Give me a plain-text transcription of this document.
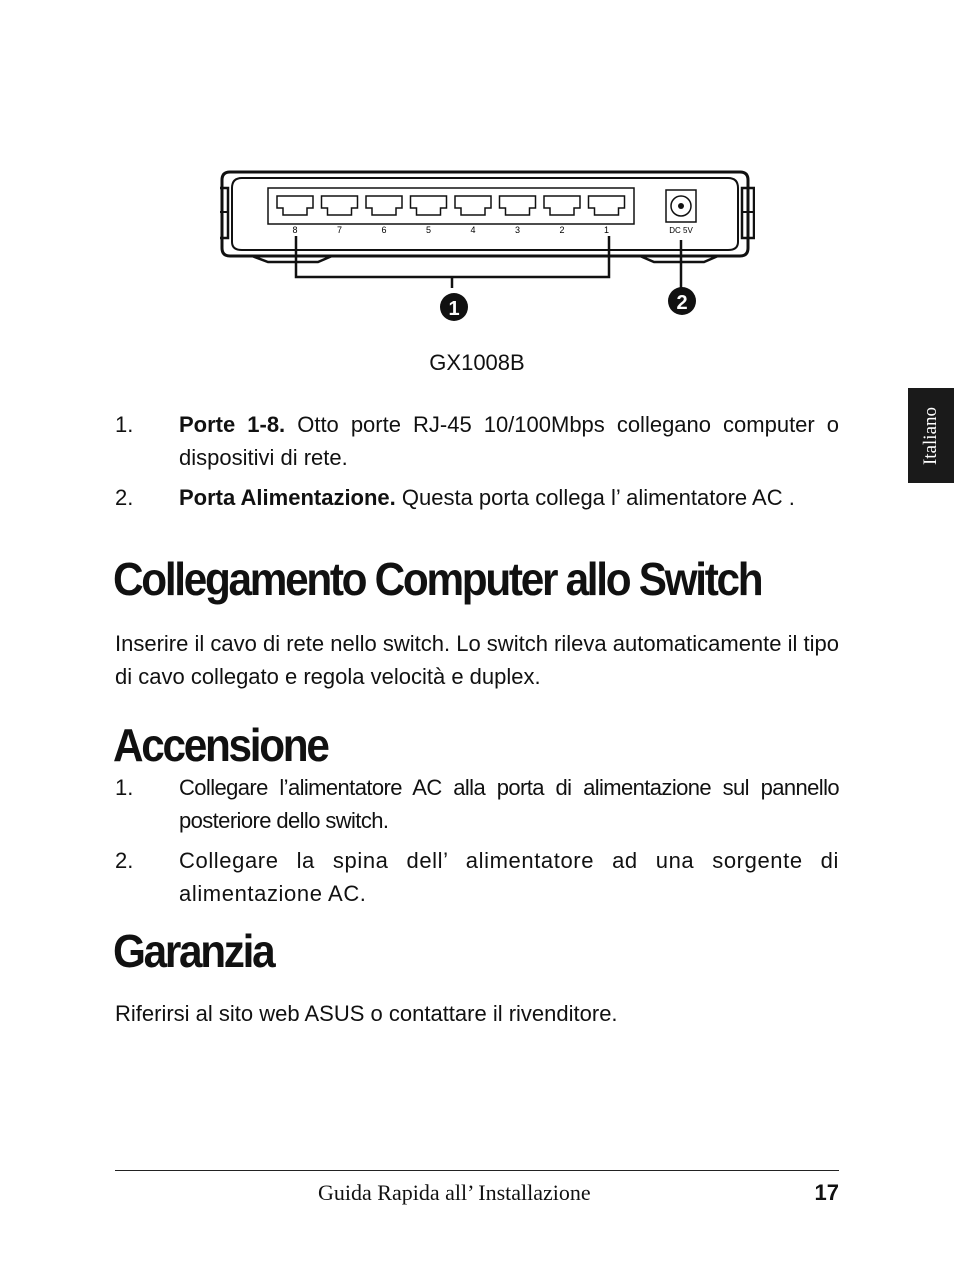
8	7	6	5	4	3	2	1	DC 5V
1	2
GX1008B
1. Porte 1-8. Otto porte RJ-45 10/100Mbps collegano computer o dispositivi di rete.
2. Porta Alimentazione. Questa porta collega l’ alimentatore AC .
Collegamento Computer allo Switch
Inserire il cavo di rete nello switch. Lo switch rileva automaticamente il tipo di cavo collegato e regola velocità e duplex.
Accensione
1. Collegare l’alimentatore AC alla porta di alimentazione sul pannello posteriore dello switch.
2. Collegare la spina dell’ alimentatore ad una sorgente di alimentazione AC.
Garanzia
Riferirsi al sito web ASUS o contattare il rivenditore.
Italiano
Guida Rapida all’ Installazione	17
